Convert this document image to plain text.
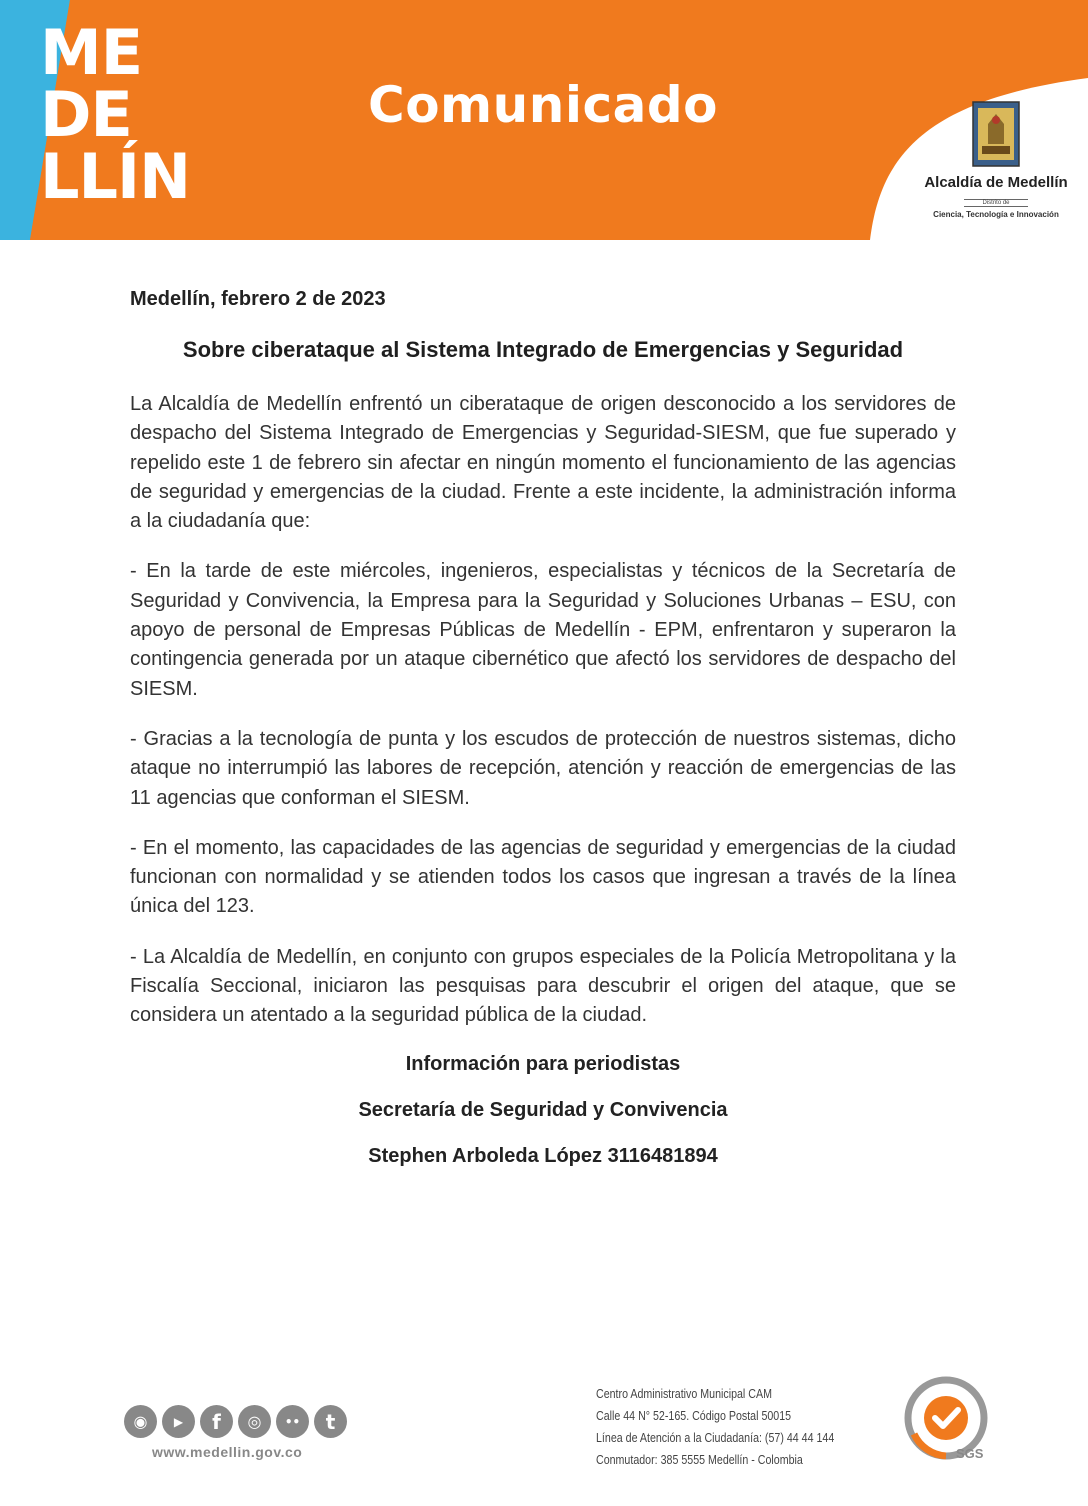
ME
DE
LLÍN
Comunicado
Alcaldía de Medellín
Distrito de
Ciencia, Tecnología e Innovación

Medellín, febrero 2 de 2023

Sobre ciberataque al Sistema Integrado de Emergencias y Seguridad

La Alcaldía de Medellín enfrentó un ciberataque de origen desconocido a los servidores de despacho del Sistema Integrado de Emergencias y Seguridad-SIESM, que fue superado y repelido este 1 de febrero sin afectar en ningún momento el funcionamiento de las agencias de seguridad y emergencias de la ciudad. Frente a este incidente, la administración informa a la ciudadanía que:

- En la tarde de este miércoles, ingenieros, especialistas y técnicos de la Secretaría de Seguridad y Convivencia, la Empresa para la Seguridad y Soluciones Urbanas – ESU, con apoyo de personal de Empresas Públicas de Medellín - EPM, enfrentaron y superaron la contingencia generada por un ataque cibernético que afectó los servidores de despacho del SIESM.

- Gracias a la tecnología de punta y los escudos de protección de nuestros sistemas, dicho ataque no interrumpió las labores de recepción, atención y reacción de emergencias de las 11 agencias que conforman el SIESM.

- En el momento, las capacidades de las agencias de seguridad y emergencias de la ciudad funcionan con normalidad y se atienden todos los casos que ingresan a través de la línea única del 123.

- La Alcaldía de Medellín, en conjunto con grupos especiales de la Policía Metropolitana y la Fiscalía Seccional, iniciaron las pesquisas para descubrir el origen del ataque, que se considera un atentado a la seguridad pública de la ciudad.

Información para periodistas

Secretaría de Seguridad y Convivencia

Stephen Arboleda López 3116481894

◉ ▶ f ◎ •• t
www.medellin.gov.co
Centro Administrativo Municipal CAM
Calle 44 N° 52-165. Código Postal 50015
Línea de Atención a la Ciudadanía: (57) 44 44 144
Conmutador: 385 5555 Medellín - Colombia	SGS
